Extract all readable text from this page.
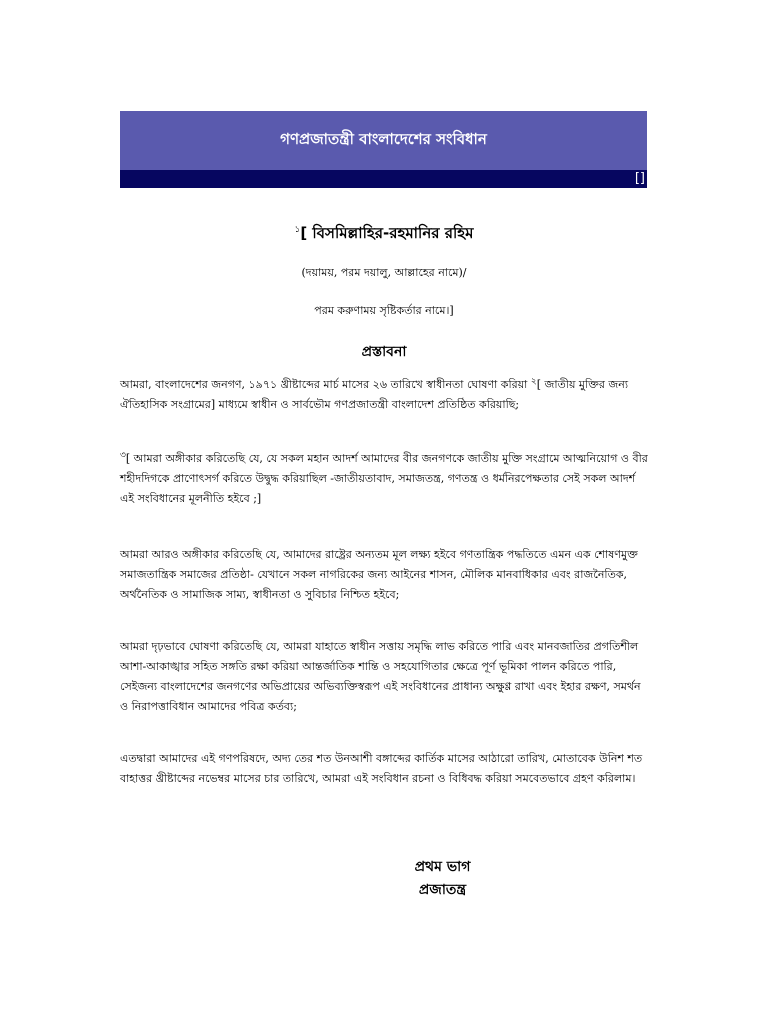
গণপ্রজাতন্ত্রী বাংলাদেশের সংবিধান
[]
$^১$[ বিসমিল্লাহির-রহমানির রহিম
(দয়াময়, পরম দয়ালু, আল্লাহের নামে)/
পরম করুণাময় সৃষ্টিকর্তার নামে।]
প্রস্তাবনা
আমরা, বাংলাদেশের জনগণ, ১৯৭১ খ্রীষ্টাব্দের মার্চ মাসের ২৬ তারিখে স্বাধীনতা ঘোষণা করিয়া $^২$[ জাতীয় মুক্তির জন্য ঐতিহাসিক সংগ্রামের] মাধ্যমে স্বাধীন ও সার্বভৌম গণপ্রজাতন্ত্রী বাংলাদেশ প্রতিষ্ঠিত করিয়াছি;
$^৩$[ আমরা অঙ্গীকার করিতেছি যে, যে সকল মহান আদর্শ আমাদের বীর জনগণকে জাতীয় মুক্তি সংগ্রামে আত্মনিয়োগ ও বীর শহীদদিগকে প্রাণোৎসর্গ করিতে উদ্বুদ্ধ করিয়াছিল -জাতীয়তাবাদ, সমাজতন্ত্র, গণতন্ত্র ও ধর্মনিরপেক্ষতার সেই সকল আদর্শ এই সংবিধানের মূলনীতি হইবে ;]
আমরা আরও অঙ্গীকার করিতেছি যে, আমাদের রাষ্ট্রের অন্যতম মূল লক্ষ্য হইবে গণতান্ত্রিক পদ্ধতিতে এমন এক শোষণমুক্ত সমাজতান্ত্রিক সমাজের প্রতিষ্ঠা- যেখানে সকল নাগরিকের জন্য আইনের শাসন, মৌলিক মানবাধিকার এবং রাজনৈতিক, অর্থনৈতিক ও সামাজিক সাম্য, স্বাধীনতা ও সুবিচার নিশ্চিত হইবে;
আমরা দৃঢ়ভাবে ঘোষণা করিতেছি যে, আমরা যাহাতে স্বাধীন সত্তায় সমৃদ্ধি লাভ করিতে পারি এবং মানবজাতির প্রগতিশীল আশা-আকাঙ্খার সহিত সঙ্গতি রক্ষা করিয়া আন্তর্জাতিক শান্তি ও সহযোগিতার ক্ষেত্রে পূর্ণ ভূমিকা পালন করিতে পারি, সেইজন্য বাংলাদেশের জনগণের অভিপ্রায়ের অভিব্যক্তিস্বরূপ এই সংবিধানের প্রাধান্য অক্ষুণ্ণ রাখা এবং ইহার রক্ষণ, সমর্থন ও নিরাপত্তাবিধান আমাদের পবিত্র কর্তব্য;
এতদ্বারা আমাদের এই গণপরিষদে, অদ্য তের শত উনআশী বঙ্গাব্দের কার্তিক মাসের আঠারো তারিখ, মোতাবেক উনিশ শত বাহাত্তর খ্রীষ্টাব্দের নভেম্বর মাসের চার তারিখে, আমরা এই সংবিধান রচনা ও বিধিবদ্ধ করিয়া সমবেতভাবে গ্রহণ করিলাম।
প্রথম ভাগ
প্রজাতন্ত্র
